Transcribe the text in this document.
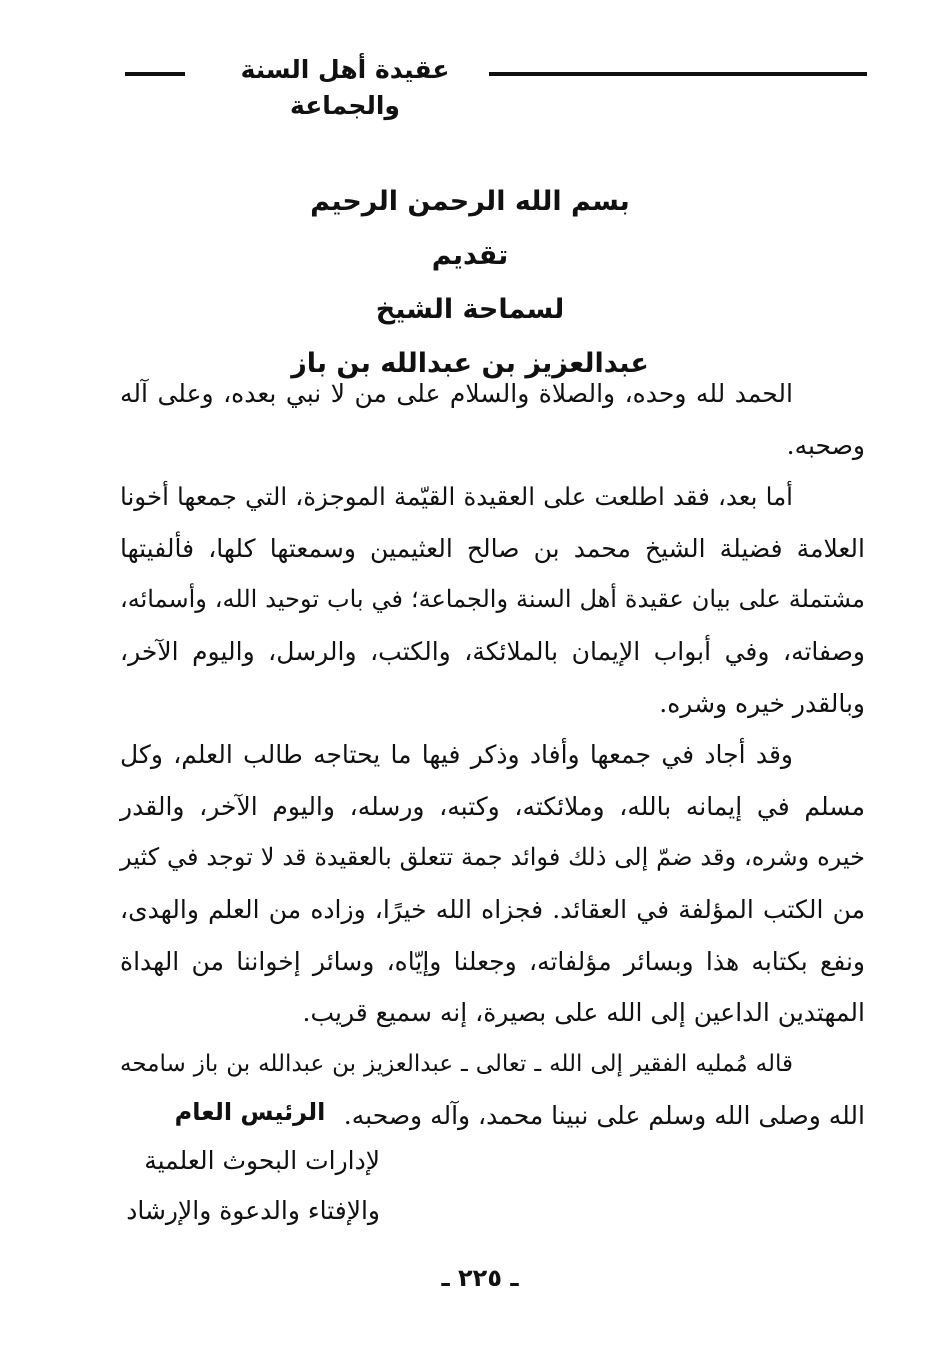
عقيدة أهل السنة والجماعة
بسم الله الرحمن الرحيم
تقديم
لسماحة الشيخ
عبدالعزيز بن عبدالله بن باز
الحمد لله وحده، والصلاة والسلام على من لا نبي بعده، وعلى آله
وصحبه.
أما بعد، فقد اطلعت على العقيدة القيّمة الموجزة، التي جمعها أخونا
العلامة فضيلة الشيخ محمد بن صالح العثيمين وسمعتها كلها، فألفيتها
مشتملة على بيان عقيدة أهل السنة والجماعة؛ في باب توحيد الله، وأسمائه،
وصفاته، وفي أبواب الإيمان بالملائكة، والكتب، والرسل، واليوم الآخر،
وبالقدر خيره وشره.
وقد أجاد في جمعها وأفاد وذكر فيها ما يحتاجه طالب العلم، وكل
مسلم في إيمانه بالله، وملائكته، وكتبه، ورسله، واليوم الآخر، والقدر
خيره وشره، وقد ضمّ إلى ذلك فوائد جمة تتعلق بالعقيدة قد لا توجد في كثير
من الكتب المؤلفة في العقائد. فجزاه الله خيرًا، وزاده من العلم والهدى،
ونفع بكتابه هذا وبسائر مؤلفاته، وجعلنا وإيّاه، وسائر إخواننا من الهداة
المهتدين الداعين إلى الله على بصيرة، إنه سميع قريب.
قاله مُمليه الفقير إلى الله ـ تعالى ـ عبدالعزيز بن عبدالله بن باز سامحه
الله وصلى الله وسلم على نبينا محمد، وآله وصحبه.
الرئيس العام
لإدارات البحوث العلمية
والإفتاء والدعوة والإرشاد
ـ ٢٢٥ ـ
